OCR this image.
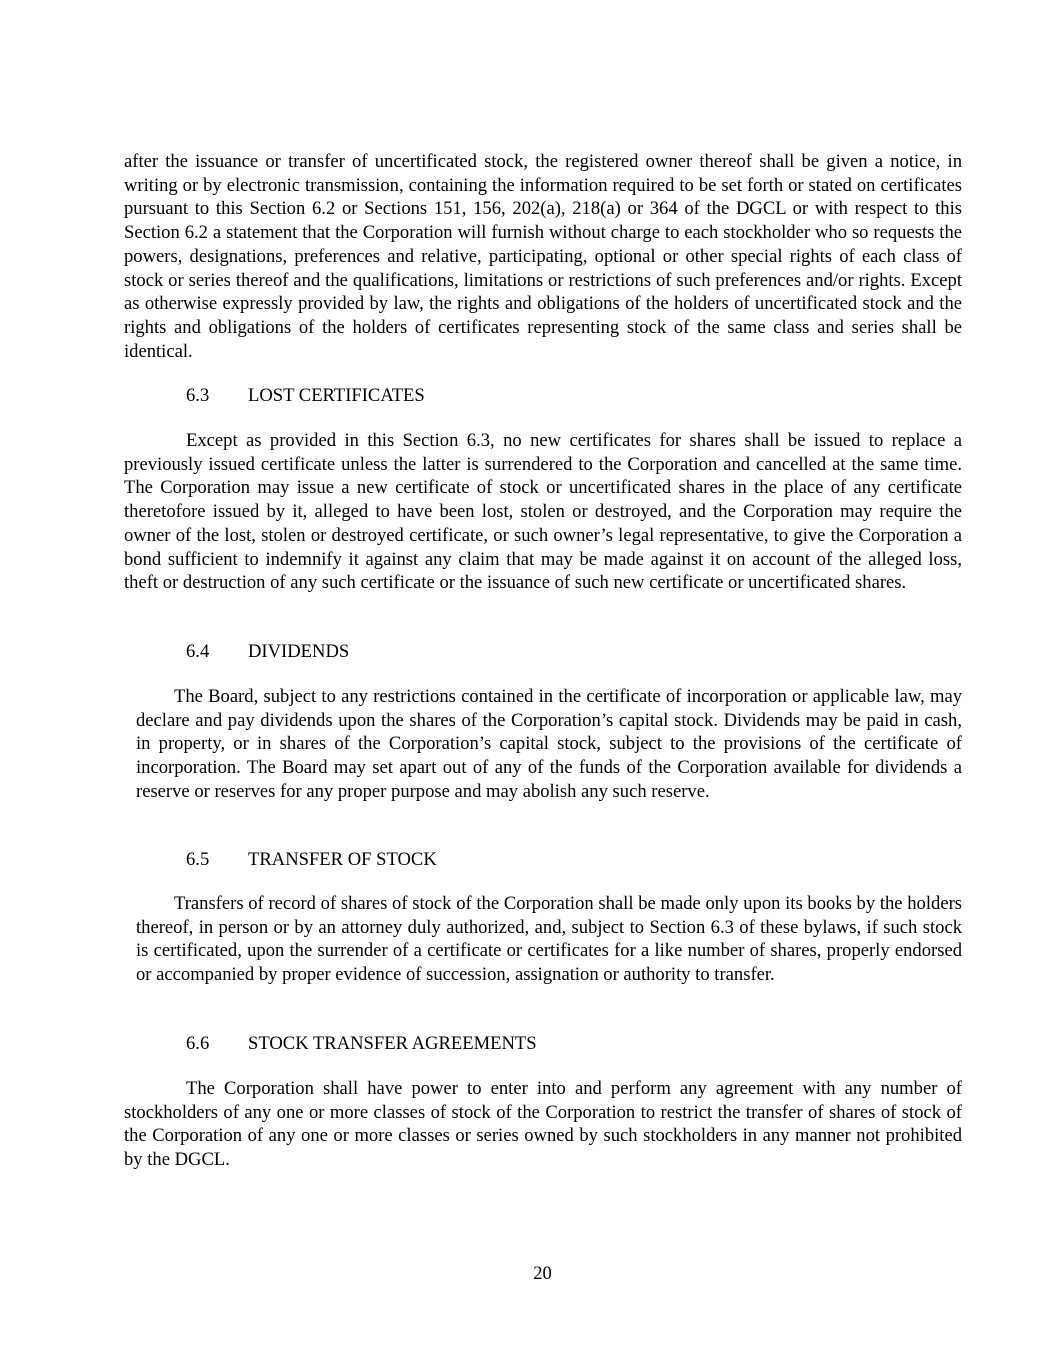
after the issuance or transfer of uncertificated stock, the registered owner thereof shall be given a notice, in writing or by electronic transmission, containing the information required to be set forth or stated on certificates pursuant to this Section 6.2 or Sections 151, 156, 202(a), 218(a) or 364 of the DGCL or with respect to this Section 6.2 a statement that the Corporation will furnish without charge to each stockholder who so requests the powers, designations, preferences and relative, participating, optional or other special rights of each class of stock or series thereof and the qualifications, limitations or restrictions of such preferences and/or rights. Except as otherwise expressly provided by law, the rights and obligations of the holders of uncertificated stock and the rights and obligations of the holders of certificates representing stock of the same class and series shall be identical.

6.3 LOST CERTIFICATES

Except as provided in this Section 6.3, no new certificates for shares shall be issued to replace a previously issued certificate unless the latter is surrendered to the Corporation and cancelled at the same time. The Corporation may issue a new certificate of stock or uncertificated shares in the place of any certificate theretofore issued by it, alleged to have been lost, stolen or destroyed, and the Corporation may require the owner of the lost, stolen or destroyed certificate, or such owner’s legal representative, to give the Corporation a bond sufficient to indemnify it against any claim that may be made against it on account of the alleged loss, theft or destruction of any such certificate or the issuance of such new certificate or uncertificated shares.

6.4 DIVIDENDS

The Board, subject to any restrictions contained in the certificate of incorporation or applicable law, may declare and pay dividends upon the shares of the Corporation’s capital stock. Dividends may be paid in cash, in property, or in shares of the Corporation’s capital stock, subject to the provisions of the certificate of incorporation. The Board may set apart out of any of the funds of the Corporation available for dividends a reserve or reserves for any proper purpose and may abolish any such reserve.

6.5 TRANSFER OF STOCK

Transfers of record of shares of stock of the Corporation shall be made only upon its books by the holders thereof, in person or by an attorney duly authorized, and, subject to Section 6.3 of these bylaws, if such stock is certificated, upon the surrender of a certificate or certificates for a like number of shares, properly endorsed or accompanied by proper evidence of succession, assignation or authority to transfer.

6.6 STOCK TRANSFER AGREEMENTS

The Corporation shall have power to enter into and perform any agreement with any number of stockholders of any one or more classes of stock of the Corporation to restrict the transfer of shares of stock of the Corporation of any one or more classes or series owned by such stockholders in any manner not prohibited by the DGCL.

20
